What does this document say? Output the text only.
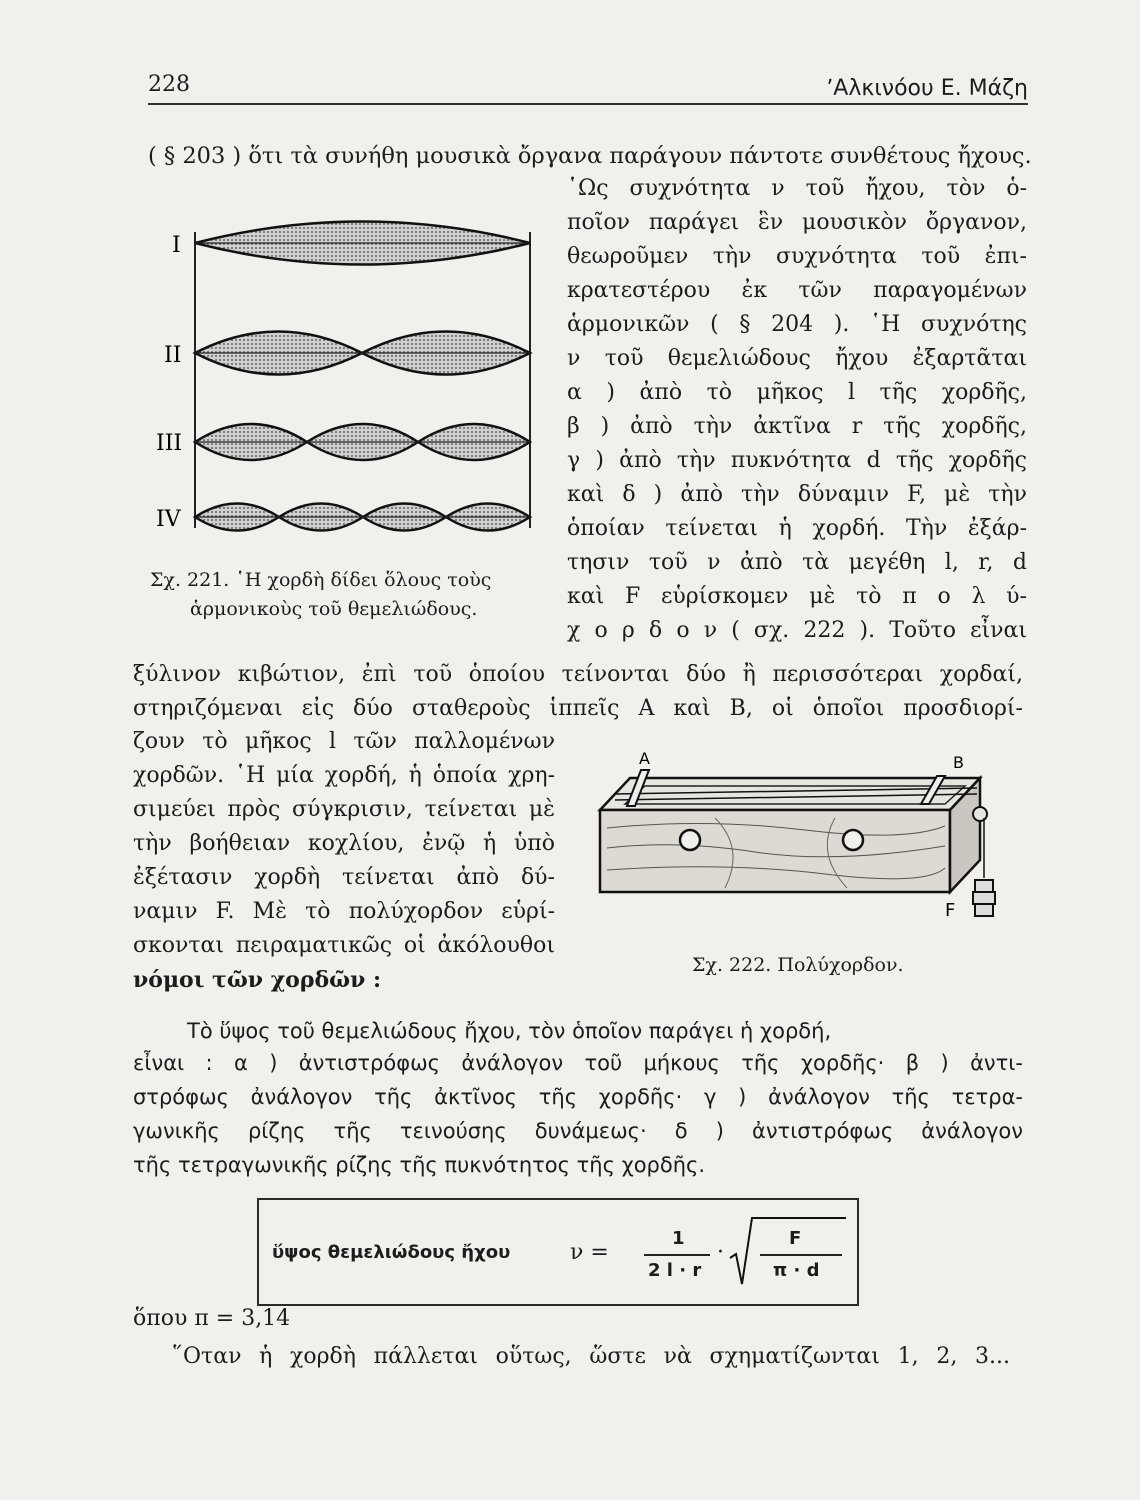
228	ʼΑλκινόου Ε. Μάζη
( § 203 ) ὅτι τὰ συνήθη μουσικὰ ὄργανα παράγουν πάντοτε συνθέτους ἤχους.
῾Ως συχνότητα ν τοῦ ἤχου, τὸν ὁ-
ποῖον παράγει ἓν μουσικὸν ὄργανον,
θεωροῦμεν τὴν συχνότητα τοῦ ἐπι-
κρατεστέρου ἐκ τῶν παραγομένων
ἁρμονικῶν ( § 204 ). ῾Η συχνότης
ν τοῦ θεμελιώδους ἤχου ἐξαρτᾶται
α ) ἀπὸ τὸ μῆκος l τῆς χορδῆς,
β ) ἀπὸ τὴν ἀκτῖνα r τῆς χορδῆς,
γ ) ἀπὸ τὴν πυκνότητα d τῆς χορδῆς
καὶ δ ) ἀπὸ τὴν δύναμιν F, μὲ τὴν
ὁποίαν τείνεται ἡ χορδή. Τὴν ἐξάρ-
τησιν τοῦ ν ἀπὸ τὰ μεγέθη l, r, d
καὶ F εὑρίσκομεν μὲ τὸ π ο λ ύ-
χ ο ρ δ ο ν ( σχ. 222 ). Τοῦτο εἶναι
I
II
III
IV
Σχ. 221. ῾Η χορδὴ δίδει ὅλους τοὺς
ἁρμονικοὺς τοῦ θεμελιώδους.
ξύλινον κιβώτιον, ἐπὶ τοῦ ὁποίου τείνονται δύο ἢ περισσότεραι χορδαί,
στηριζόμεναι εἰς δύο σταθεροὺς ἱππεῖς Α καὶ Β, οἱ ὁποῖοι προσδιορί-
ζουν τὸ μῆκος l τῶν παλλομένων
χορδῶν. ῾Η μία χορδή, ἡ ὁποία χρη-
σιμεύει πρὸς σύγκρισιν, τείνεται μὲ
τὴν βοήθειαν κοχλίου, ἐνῷ ἡ ὑπὸ
ἐξέτασιν χορδὴ τείνεται ἀπὸ δύ-
ναμιν F. Μὲ τὸ πολύχορδον εὑρί-
σκονται πειραματικῶς οἱ ἀκόλουθοι
νόμοι τῶν χορδῶν :
A	B
F
Σχ. 222. Πολύχορδον.
Τὸ ὕψος τοῦ θεμελιώδους ἤχου, τὸν ὁποῖον παράγει ἡ χορδή,
εἶναι : α ) ἀντιστρόφως ἀνάλογον τοῦ μήκους τῆς χορδῆς· β ) ἀντι-
στρόφως ἀνάλογον τῆς ἀκτῖνος τῆς χορδῆς· γ ) ἀνάλογον τῆς τετρα-
γωνικῆς ρίζης τῆς τεινούσης δυνάμεως· δ ) ἀντιστρόφως ἀνάλογον
τῆς τετραγωνικῆς ρίζης τῆς πυκνότητος τῆς χορδῆς.
ὕψος θεμελιώδους ἤχου	ν =
1
2 l · r
·
F
π · d
ὅπου π = 3,14
῞Οταν ἡ χορδὴ πάλλεται οὕτως, ὥστε νὰ σχηματίζωνται 1, 2, 3...
